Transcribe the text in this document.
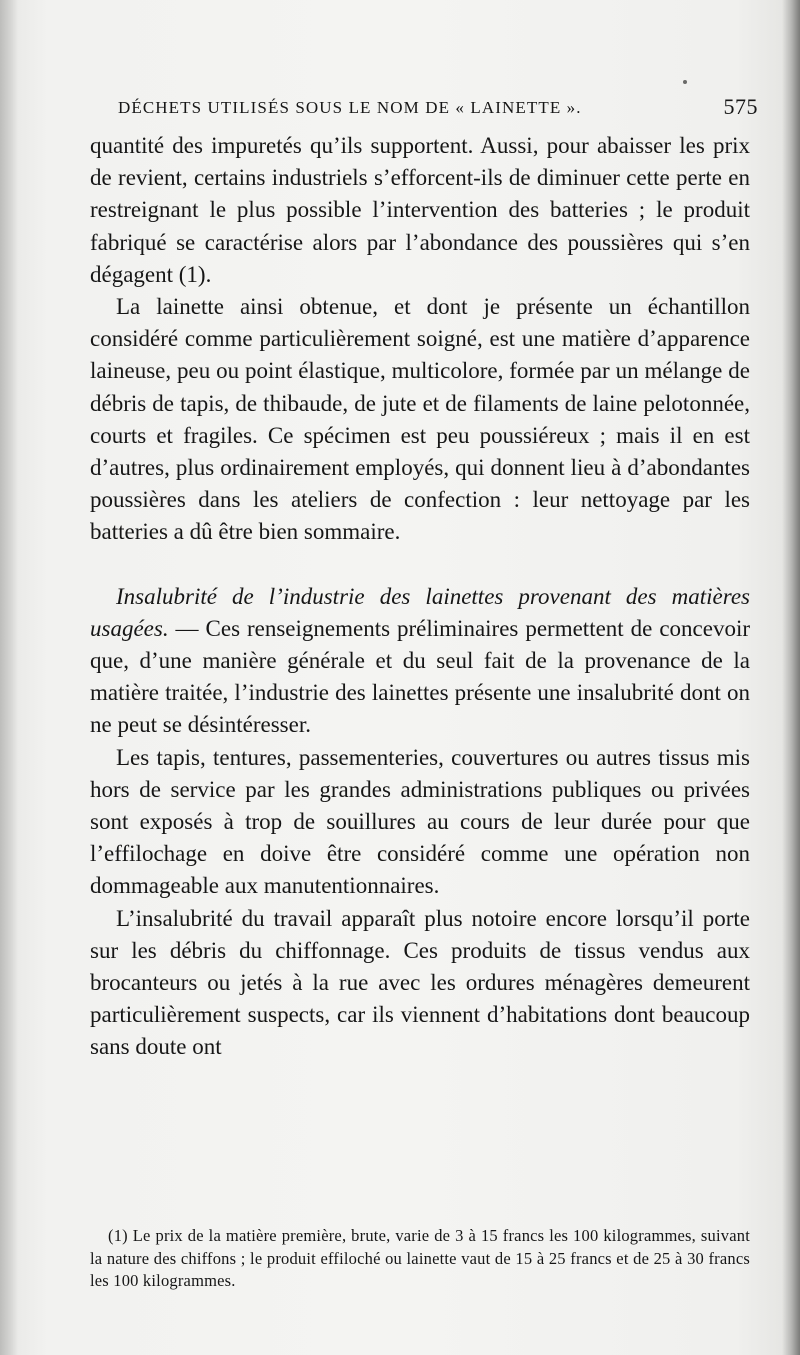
DÉCHETS UTILISÉS SOUS LE NOM DE « LAINETTE ».	575

quantité des impuretés qu’ils supportent. Aussi, pour abaisser les prix de revient, certains industriels s’efforcent-ils de diminuer cette perte en restreignant le plus possible l’intervention des batteries ; le produit fabriqué se caractérise alors par l’abondance des poussières qui s’en dégagent (1).

La lainette ainsi obtenue, et dont je présente un échantillon considéré comme particulièrement soigné, est une matière d’apparence laineuse, peu ou point élastique, multicolore, formée par un mélange de débris de tapis, de thibaude, de jute et de filaments de laine pelotonnée, courts et fragiles. Ce spécimen est peu poussiéreux ; mais il en est d’autres, plus ordinairement employés, qui donnent lieu à d’abondantes poussières dans les ateliers de confection : leur nettoyage par les batteries a dû être bien sommaire.

Insalubrité de l’industrie des lainettes provenant des matières usagées. — Ces renseignements préliminaires permettent de concevoir que, d’une manière générale et du seul fait de la provenance de la matière traitée, l’industrie des lainettes présente une insalubrité dont on ne peut se désintéresser.

Les tapis, tentures, passementeries, couvertures ou autres tissus mis hors de service par les grandes administrations publiques ou privées sont exposés à trop de souillures au cours de leur durée pour que l’effilochage en doive être considéré comme une opération non dommageable aux manutentionnaires.

L’insalubrité du travail apparaît plus notoire encore lorsqu’il porte sur les débris du chiffonnage. Ces produits de tissus vendus aux brocanteurs ou jetés à la rue avec les ordures ménagères demeurent particulièrement suspects, car ils viennent d’habitations dont beaucoup sans doute ont

(1) Le prix de la matière première, brute, varie de 3 à 15 francs les 100 kilogrammes, suivant la nature des chiffons ; le produit effiloché ou lainette vaut de 15 à 25 francs et de 25 à 30 francs les 100 kilogrammes.
